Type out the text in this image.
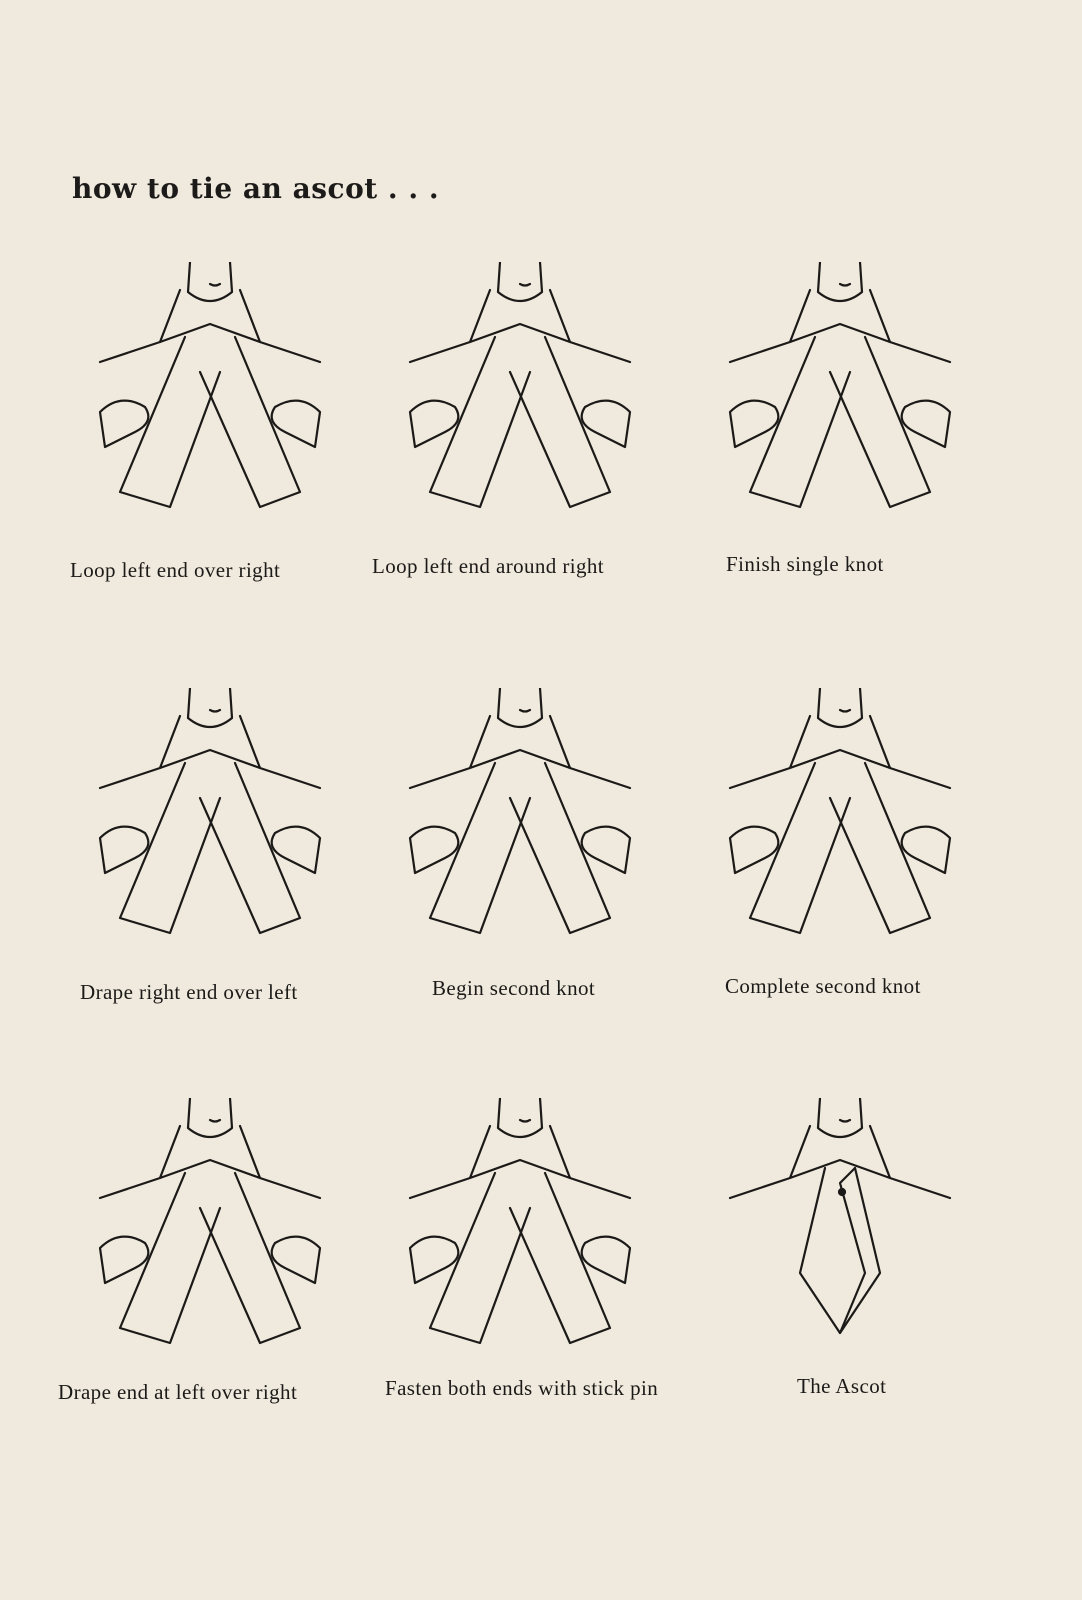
how to tie an ascot . . .
Loop left end over right	Loop left end around right	Finish single knot
Drape right end over left	Begin second knot	Complete second knot
Drape end at left over right	Fasten both ends with stick pin	The Ascot
